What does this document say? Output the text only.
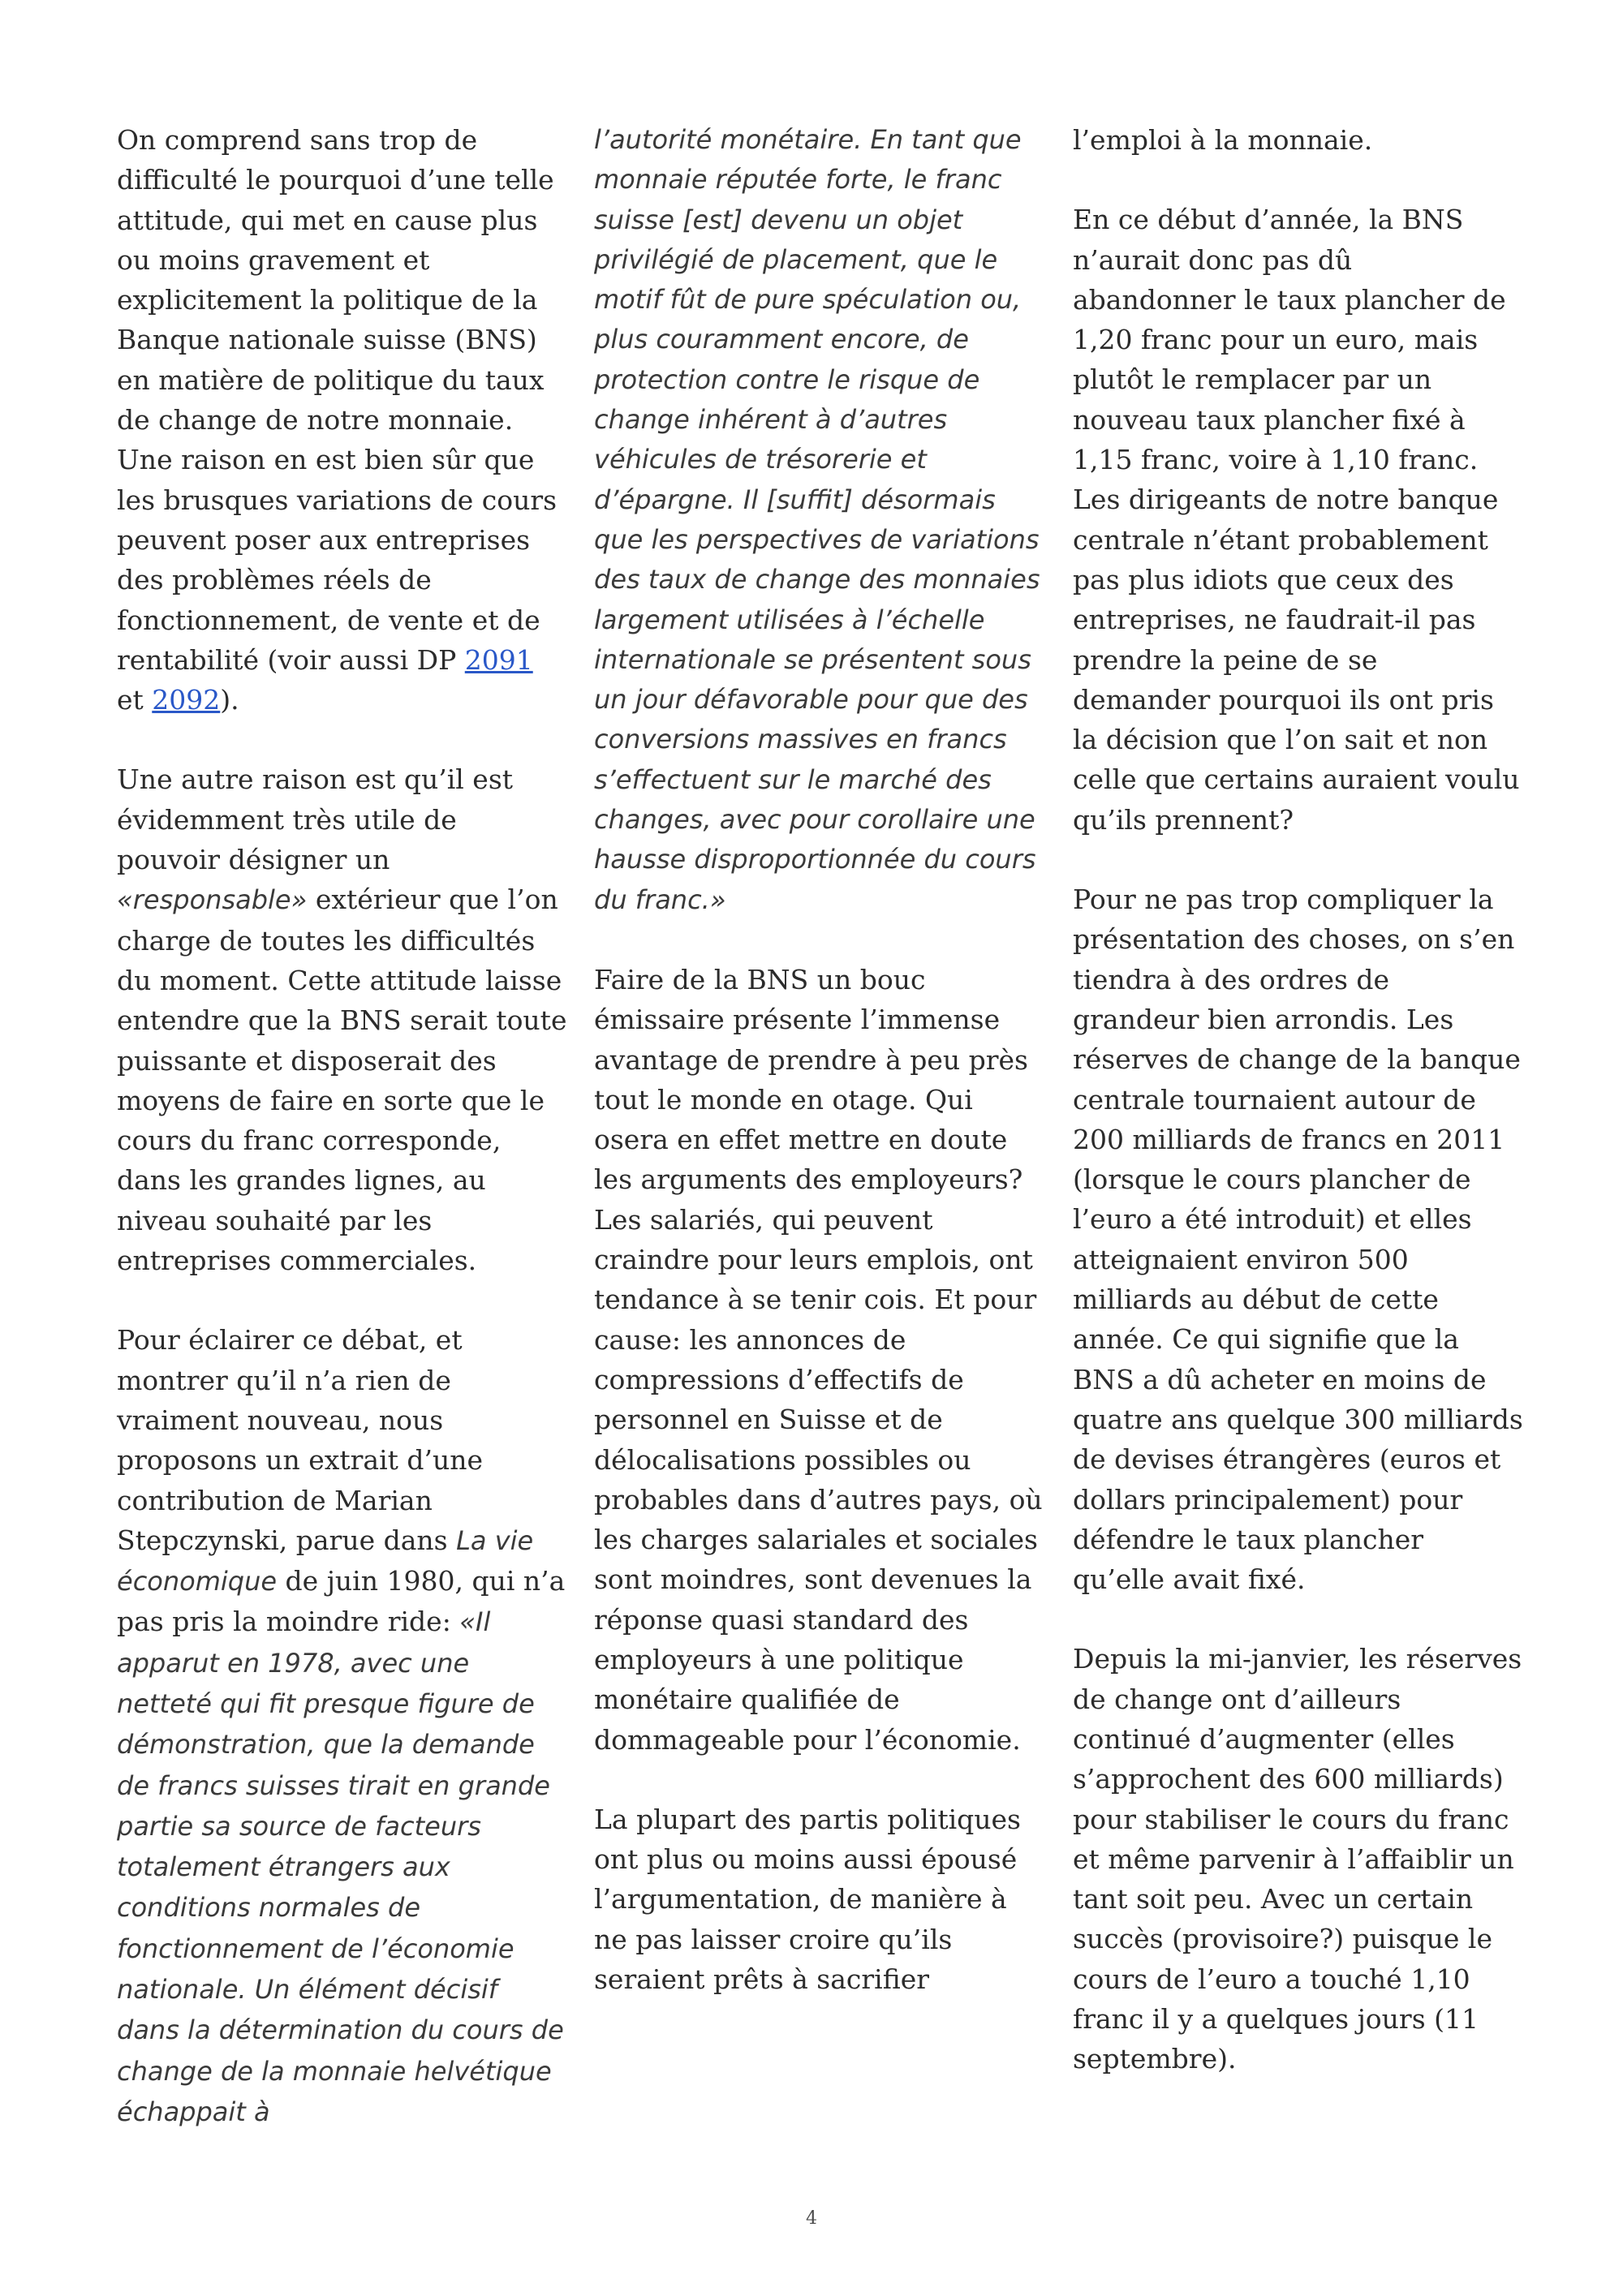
On comprend sans trop de difficulté le pourquoi d’une telle attitude, qui met en cause plus ou moins gravement et explicitement la politique de la Banque nationale suisse (BNS) en matière de politique du taux de change de notre monnaie. Une raison en est bien sûr que les brusques variations de cours peuvent poser aux entreprises des problèmes réels de fonctionnement, de vente et de rentabilité (voir aussi DP 2091 et 2092).

Une autre raison est qu’il est évidemment très utile de pouvoir désigner un «responsable» extérieur que l’on charge de toutes les difficultés du moment. Cette attitude laisse entendre que la BNS serait toute puissante et disposerait des moyens de faire en sorte que le cours du franc corresponde, dans les grandes lignes, au niveau souhaité par les entreprises commerciales.

Pour éclairer ce débat, et montrer qu’il n’a rien de vraiment nouveau, nous proposons un extrait d’une contribution de Marian Stepczynski, parue dans La vie économique de juin 1980, qui n’a pas pris la moindre ride: «Il apparut en 1978, avec une netteté qui fit presque figure de démonstration, que la demande de francs suisses tirait en grande partie sa source de facteurs totalement étrangers aux conditions normales de fonctionnement de l’économie nationale. Un élément décisif dans la détermination du cours de change de la monnaie helvétique échappait à

l’autorité monétaire. En tant que monnaie réputée forte, le franc suisse [est] devenu un objet privilégié de placement, que le motif fût de pure spéculation ou, plus couramment encore, de protection contre le risque de change inhérent à d’autres véhicules de trésorerie et d’épargne. Il [suffit] désormais que les perspectives de variations des taux de change des monnaies largement utilisées à l’échelle internationale se présentent sous un jour défavorable pour que des conversions massives en francs s’effectuent sur le marché des changes, avec pour corollaire une hausse disproportionnée du cours du franc.»

Faire de la BNS un bouc émissaire présente l’immense avantage de prendre à peu près tout le monde en otage. Qui osera en effet mettre en doute les arguments des employeurs? Les salariés, qui peuvent craindre pour leurs emplois, ont tendance à se tenir cois. Et pour cause: les annonces de compressions d’effectifs de personnel en Suisse et de délocalisations possibles ou probables dans d’autres pays, où les charges salariales et sociales sont moindres, sont devenues la réponse quasi standard des employeurs à une politique monétaire qualifiée de dommageable pour l’économie.

La plupart des partis politiques ont plus ou moins aussi épousé l’argumentation, de manière à ne pas laisser croire qu’ils seraient prêts à sacrifier

l’emploi à la monnaie.

En ce début d’année, la BNS n’aurait donc pas dû abandonner le taux plancher de 1,20 franc pour un euro, mais plutôt le remplacer par un nouveau taux plancher fixé à 1,15 franc, voire à 1,10 franc. Les dirigeants de notre banque centrale n’étant probablement pas plus idiots que ceux des entreprises, ne faudrait-il pas prendre la peine de se demander pourquoi ils ont pris la décision que l’on sait et non celle que certains auraient voulu qu’ils prennent?

Pour ne pas trop compliquer la présentation des choses, on s’en tiendra à des ordres de grandeur bien arrondis. Les réserves de change de la banque centrale tournaient autour de 200 milliards de francs en 2011 (lorsque le cours plancher de l’euro a été introduit) et elles atteignaient environ 500 milliards au début de cette année. Ce qui signifie que la BNS a dû acheter en moins de quatre ans quelque 300 milliards de devises étrangères (euros et dollars principalement) pour défendre le taux plancher qu’elle avait fixé.

Depuis la mi-janvier, les réserves de change ont d’ailleurs continué d’augmenter (elles s’approchent des 600 milliards) pour stabiliser le cours du franc et même parvenir à l’affaiblir un tant soit peu. Avec un certain succès (provisoire?) puisque le cours de l’euro a touché 1,10 franc il y a quelques jours (11 septembre).

4
